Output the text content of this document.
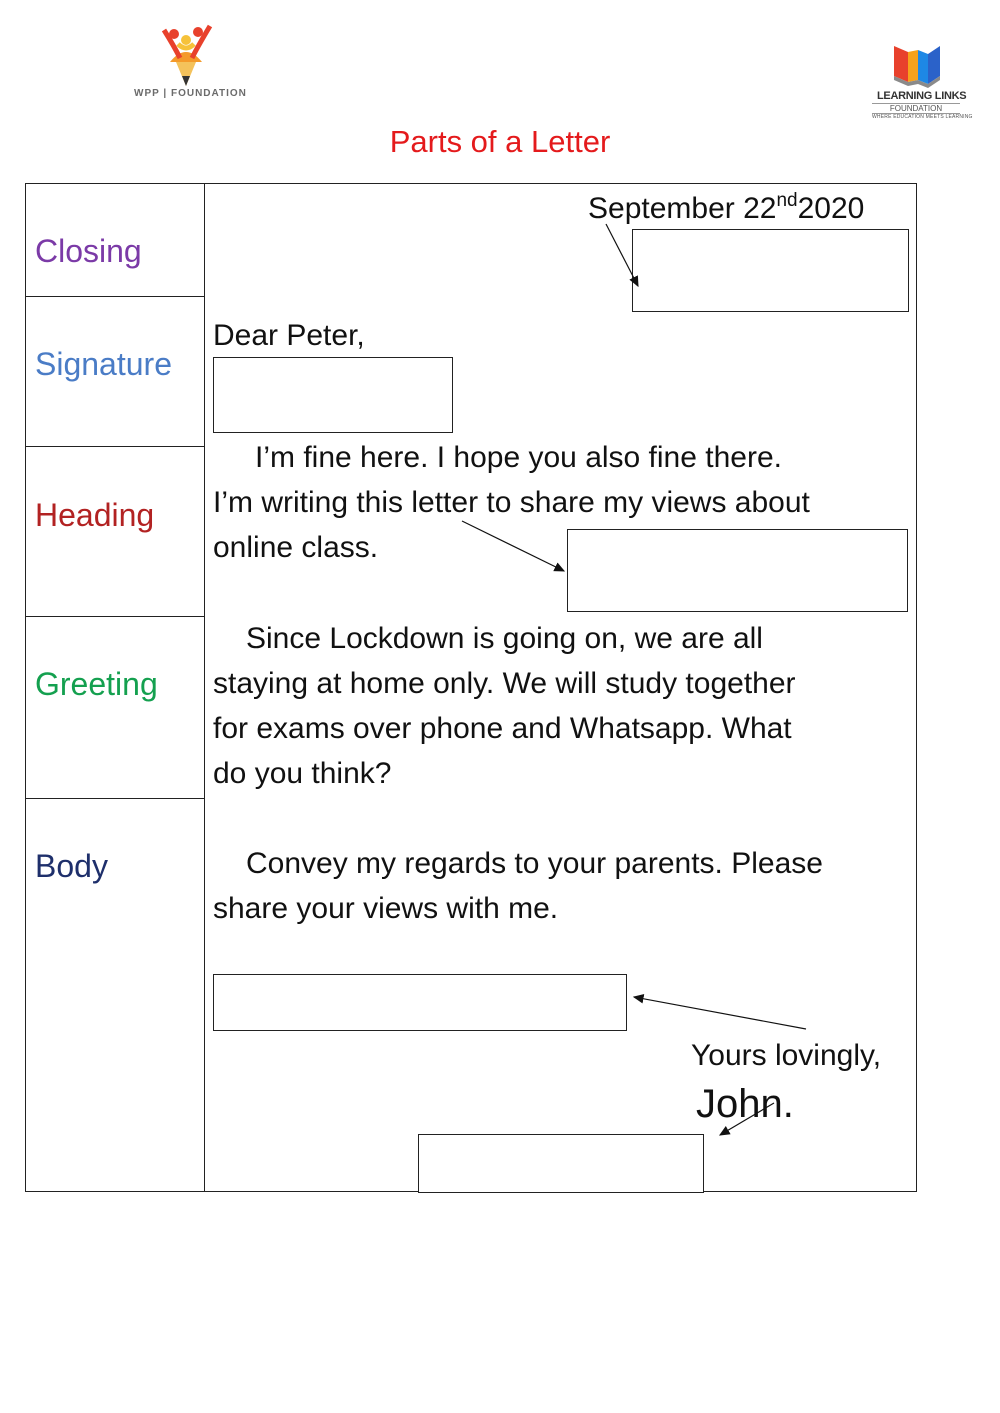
WPP | FOUNDATION	LEARNING LINKS
FOUNDATION
WHERE EDUCATION MEETS LEARNING
Parts of a Letter
Closing
Signature
Heading
Greeting
Body
September 22nd2020
Dear Peter,
I’m fine here. I hope you also fine there.
I’m writing this letter to share my views about
online class.
Since Lockdown is going on, we are all
staying at home only. We will study together
for exams over phone and Whatsapp. What
do you think?
Convey my regards to your parents. Please
share your views with me.
Yours lovingly,
John.
